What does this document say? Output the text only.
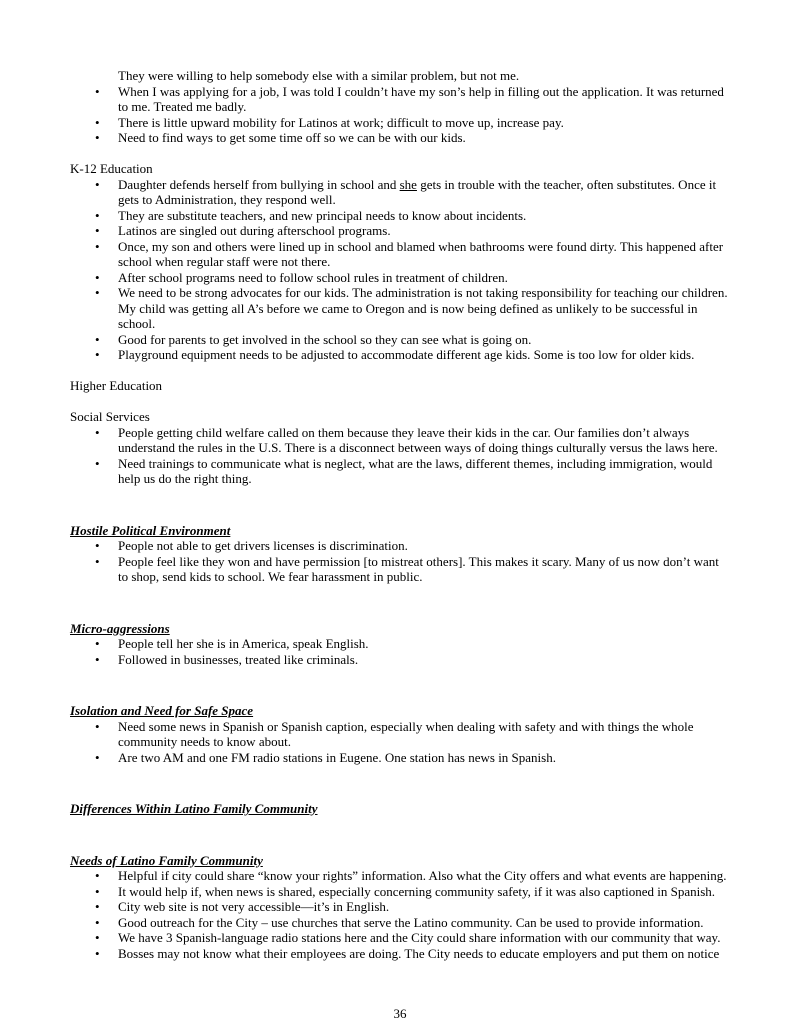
They were willing to help somebody else with a similar problem, but not me.
• When I was applying for a job, I was told I couldn’t have my son’s help in filling out the application. It was returned to me. Treated me badly.
• There is little upward mobility for Latinos at work; difficult to move up, increase pay.
• Need to find ways to get some time off so we can be with our kids.
K-12 Education
• Daughter defends herself from bullying in school and she gets in trouble with the teacher, often substitutes. Once it gets to Administration, they respond well.
• They are substitute teachers, and new principal needs to know about incidents.
• Latinos are singled out during afterschool programs.
• Once, my son and others were lined up in school and blamed when bathrooms were found dirty. This happened after school when regular staff were not there.
• After school programs need to follow school rules in treatment of children.
• We need to be strong advocates for our kids. The administration is not taking responsibility for teaching our children. My child was getting all A’s before we came to Oregon and is now being defined as unlikely to be successful in school.
• Good for parents to get involved in the school so they can see what is going on.
• Playground equipment needs to be adjusted to accommodate different age kids. Some is too low for older kids.
Higher Education
Social Services
• People getting child welfare called on them because they leave their kids in the car. Our families don’t always understand the rules in the U.S. There is a disconnect between ways of doing things culturally versus the laws here.
• Need trainings to communicate what is neglect, what are the laws, different themes, including immigration, would help us do the right thing.
Hostile Political Environment
• People not able to get drivers licenses is discrimination.
• People feel like they won and have permission [to mistreat others]. This makes it scary. Many of us now don’t want to shop, send kids to school. We fear harassment in public.
Micro-aggressions
• People tell her she is in America, speak English.
• Followed in businesses, treated like criminals.
Isolation and Need for Safe Space
• Need some news in Spanish or Spanish caption, especially when dealing with safety and with things the whole community needs to know about.
• Are two AM and one FM radio stations in Eugene. One station has news in Spanish.
Differences Within Latino Family Community
Needs of Latino Family Community
• Helpful if city could share “know your rights” information. Also what the City offers and what events are happening.
• It would help if, when news is shared, especially concerning community safety, if it was also captioned in Spanish.
• City web site is not very accessible—it’s in English.
• Good outreach for the City – use churches that serve the Latino community. Can be used to provide information.
• We have 3 Spanish-language radio stations here and the City could share information with our community that way.
• Bosses may not know what their employees are doing. The City needs to educate employers and put them on notice
36
